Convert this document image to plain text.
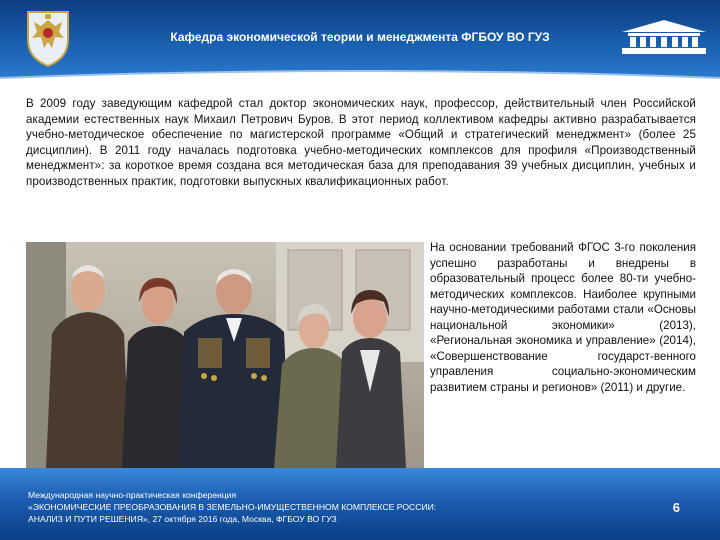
Кафедра экономической теории и менеджмента ФГБОУ ВО ГУЗ
В 2009 году заведующим кафедрой стал доктор экономических наук, профессор, действительный член Российской академии естественных наук Михаил Петрович Буров. В этот период коллективом кафедры активно разрабатывается учебно-методическое обеспечение по магистерской программе «Общий и стратегический менеджмент» (более 25 дисциплин). В 2011 году началась подготовка учебно-методических комплексов для профиля «Производственный менеджмент»: за короткое время создана вся методическая база для преподавания 39 учебных дисциплин, учебных и производственных практик, подготовки выпускных квалификационных работ.
На основании требований ФГОС 3-го поколения успешно разработаны и внедрены в образовательный процесс более 80-ти учебно-методических комплексов. Наиболее крупными научно-методическими работами стали «Основы национальной экономики» (2013), «Региональная экономика и управление» (2014), «Совершенствование государст-венного управления социально-экономическим развитием страны и регионов» (2011) и другие.
Международная научно-практическая конференция
«ЭКОНОМИЧЕСКИЕ ПРЕОБРАЗОВАНИЯ В ЗЕМЕЛЬНО-ИМУЩЕСТВЕННОМ КОМПЛЕКСЕ РОССИИ:
АНАЛИЗ И ПУТИ РЕШЕНИЯ», 27 октября 2016 года, Москва, ФГБОУ ВО ГУЗ
6
